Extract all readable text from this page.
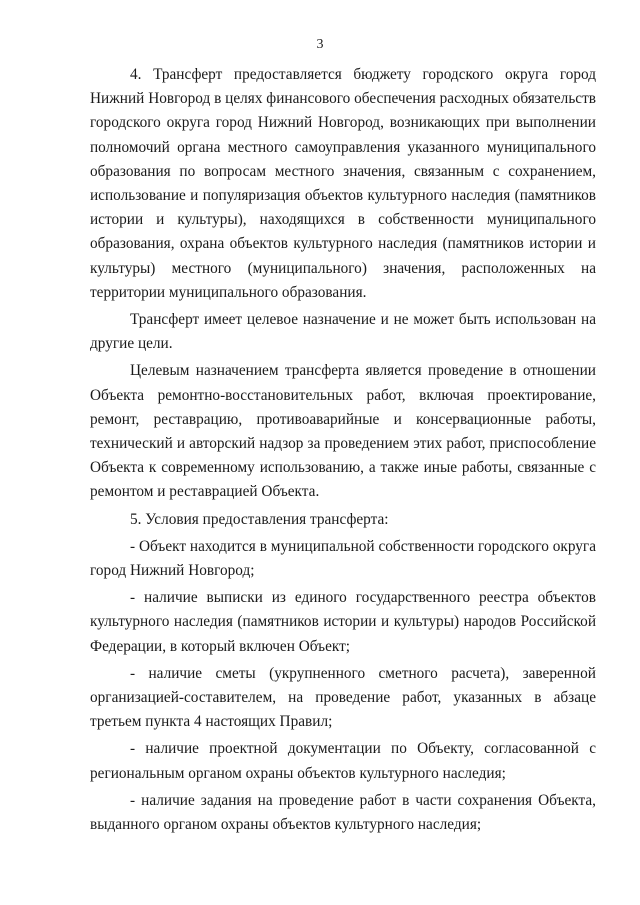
3

4. Трансферт предоставляется бюджету городского округа город Нижний Новгород в целях финансового обеспечения расходных обязательств городского округа город Нижний Новгород, возникающих при выполнении полномочий органа местного самоуправления указанного муниципального образования по вопросам местного значения, связанным с сохранением, использование и популяризация объектов культурного наследия (памятников истории и культуры), находящихся в собственности муниципального образования, охрана объектов культурного наследия (памятников истории и культуры) местного (муниципального) значения, расположенных на территории муниципального образования.

Трансферт имеет целевое назначение и не может быть использован на другие цели.

Целевым назначением трансферта является проведение в отношении Объекта ремонтно-восстановительных работ, включая проектирование, ремонт, реставрацию, противоаварийные и консервационные работы, технический и авторский надзор за проведением этих работ, приспособление Объекта к современному использованию, а также иные работы, связанные с ремонтом и реставрацией Объекта.

5. Условия предоставления трансферта:

- Объект находится в муниципальной собственности городского округа город Нижний Новгород;

- наличие выписки из единого государственного реестра объектов культурного наследия (памятников истории и культуры) народов Российской Федерации, в который включен Объект;

- наличие сметы (укрупненного сметного расчета), заверенной организацией-составителем, на проведение работ, указанных в абзаце третьем пункта 4 настоящих Правил;

- наличие проектной документации по Объекту, согласованной с региональным органом охраны объектов культурного наследия;

- наличие задания на проведение работ в части сохранения Объекта, выданного органом охраны объектов культурного наследия;
